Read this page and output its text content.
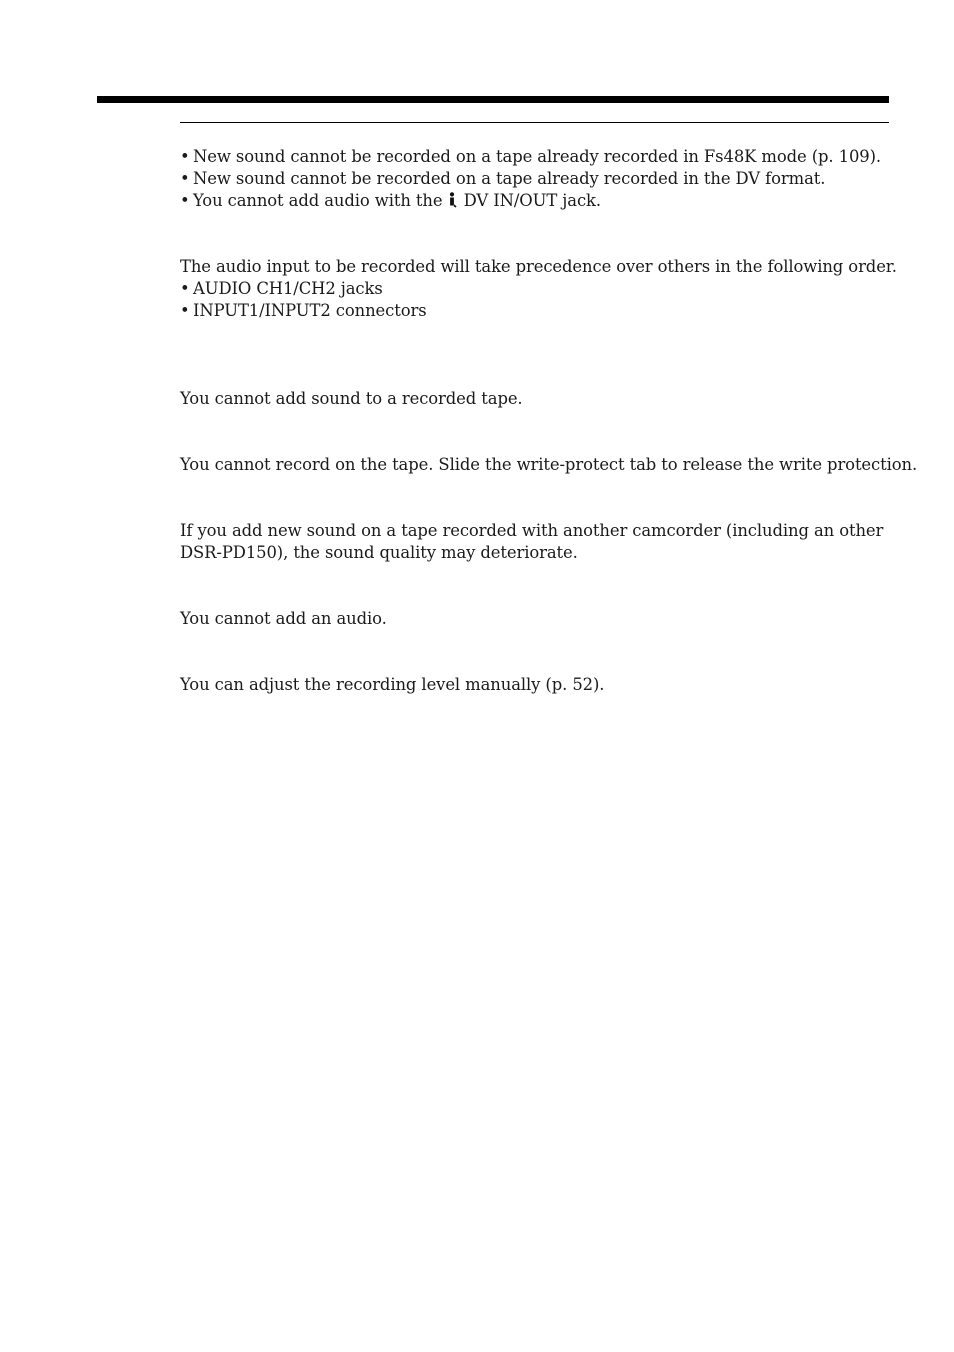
• New sound cannot be recorded on a tape already recorded in Fs48K mode (p. 109).
• New sound cannot be recorded on a tape already recorded in the DV format.
• You cannot add audio with the  DV IN/OUT jack.

The audio input to be recorded will take precedence over others in the following order.

• AUDIO CH1/CH2 jacks
• INPUT1/INPUT2 connectors

You cannot add sound to a recorded tape.

You cannot record on the tape. Slide the write-protect tab to release the write protection.

If you add new sound on a tape recorded with another camcorder (including an other DSR-PD150), the sound quality may deteriorate.

You cannot add an audio.

You can adjust the recording level manually (p. 52).
